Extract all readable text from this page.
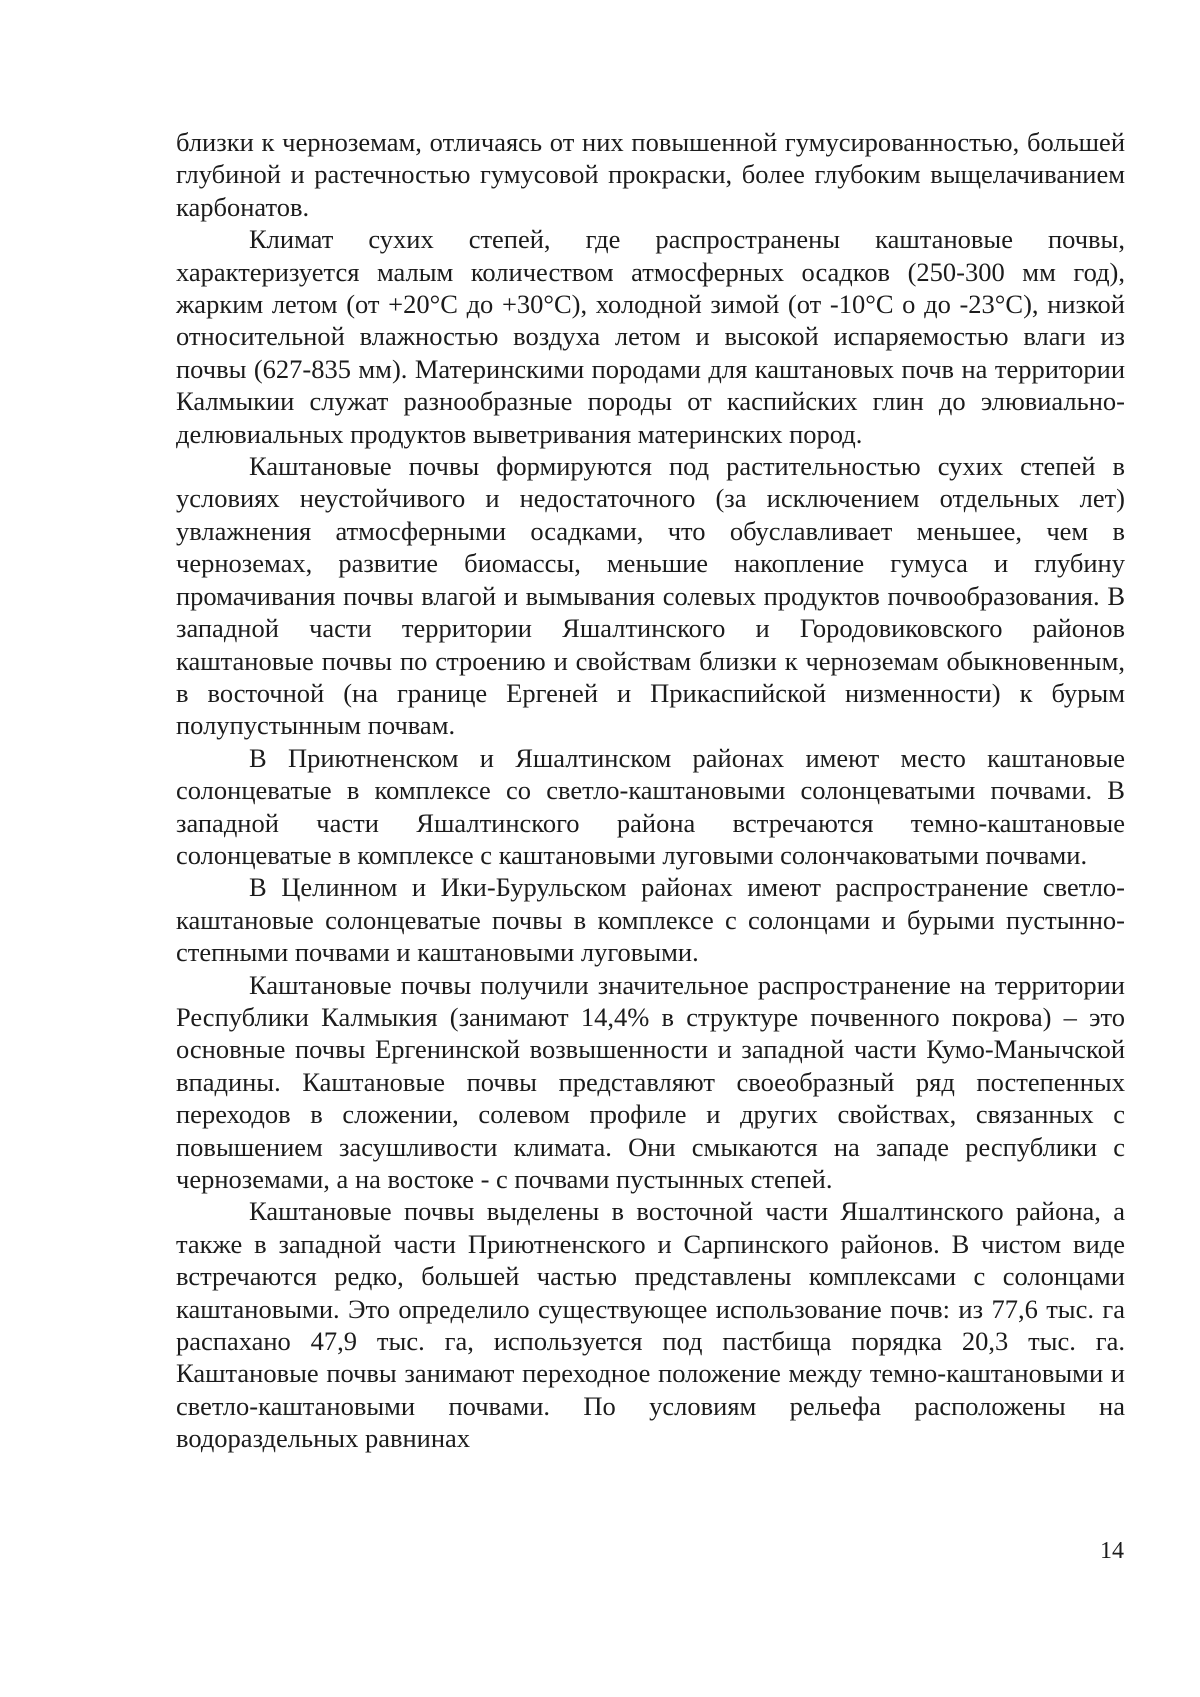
близки к черноземам, отличаясь от них повышенной гумусированностью, большей глубиной и растечностью гумусовой прокраски, более глубоким выщелачиванием карбонатов.

Климат сухих степей, где распространены каштановые почвы, характеризуется малым количеством атмосферных осадков (250-300 мм год), жарким летом (от +20°С до +30°С), холодной зимой (от -10°С о до -23°С), низкой относительной влажностью воздуха летом и высокой испаряемостью влаги из почвы (627-835 мм). Материнскими породами для каштановых почв на территории Калмыкии служат разнообразные породы от каспийских глин до элювиально-делювиальных продуктов выветривания материнских пород.

Каштановые почвы формируются под растительностью сухих степей в условиях неустойчивого и недостаточного (за исключением отдельных лет) увлажнения атмосферными осадками, что обуславливает меньшее, чем в черноземах, развитие биомассы, меньшие накопление гумуса и глубину промачивания почвы влагой и вымывания солевых продуктов почвообразования. В западной части территории Яшалтинского и Городовиковского районов каштановые почвы по строению и свойствам близки к черноземам обыкновенным, в восточной (на границе Ергеней и Прикаспийской низменности) к бурым полупустынным почвам.

В Приютненском и Яшалтинском районах имеют место каштановые солонцеватые в комплексе со светло-каштановыми солонцеватыми почвами. В западной части Яшалтинского района встречаются темно-каштановые солонцеватые в комплексе с каштановыми луговыми солончаковатыми почвами.

В Целинном и Ики-Бурульском районах имеют распространение светло-каштановые солонцеватые почвы в комплексе с солонцами и бурыми пустынно-степными почвами и каштановыми луговыми.

Каштановые почвы получили значительное распространение на территории Республики Калмыкия (занимают 14,4% в структуре почвенного покрова) – это основные почвы Ергенинской возвышенности и западной части Кумо-Манычской впадины. Каштановые почвы представляют своеобразный ряд постепенных переходов в сложении, солевом профиле и других свойствах, связанных с повышением засушливости климата. Они смыкаются на западе республики с черноземами, а на востоке - с почвами пустынных степей.

Каштановые почвы выделены в восточной части Яшалтинского района, а также в западной части Приютненского и Сарпинского районов. В чистом виде встречаются редко, большей частью представлены комплексами с солонцами каштановыми. Это определило существующее использование почв: из 77,6 тыс. га распахано 47,9 тыс. га, используется под пастбища порядка 20,3 тыс. га. Каштановые почвы занимают переходное положение между темно-каштановыми и светло-каштановыми почвами. По условиям рельефа расположены на водораздельных равнинах

14
